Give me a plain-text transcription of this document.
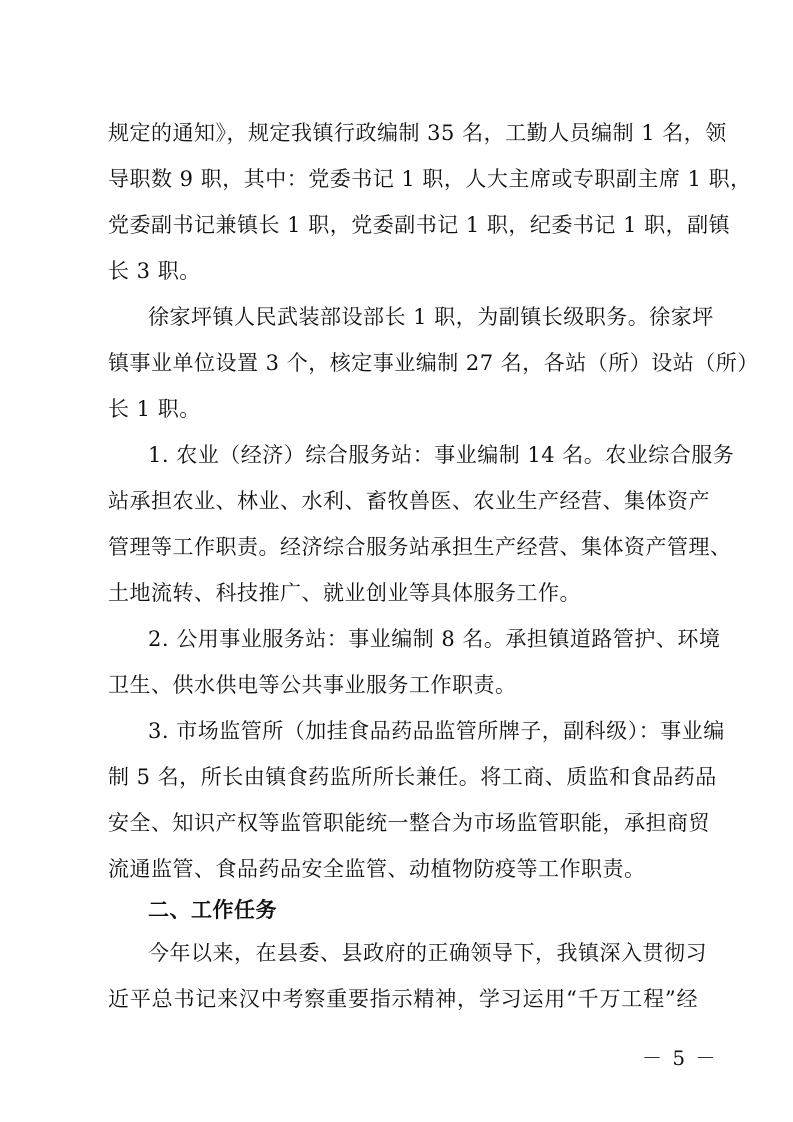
规定的通知》，规定我镇行政编制 35 名，工勤人员编制 1 名，领
导职数 9 职，其中：党委书记 1 职，人大主席或专职副主席 1 职，
党委副书记兼镇长 1 职，党委副书记 1 职，纪委书记 1 职，副镇
长 3 职。
徐家坪镇人民武装部设部长 1 职，为副镇长级职务。徐家坪
镇事业单位设置 3 个，核定事业编制 27 名，各站（所）设站（所）
长 1 职。
1. 农业（经济）综合服务站：事业编制 14 名。农业综合服务
站承担农业、林业、水利、畜牧兽医、农业生产经营、集体资产
管理等工作职责。经济综合服务站承担生产经营、集体资产管理、
土地流转、科技推广、就业创业等具体服务工作。
2. 公用事业服务站：事业编制 8 名。承担镇道路管护、环境
卫生、供水供电等公共事业服务工作职责。
3. 市场监管所（加挂食品药品监管所牌子，副科级）：事业编
制 5 名，所长由镇食药监所所长兼任。将工商、质监和食品药品
安全、知识产权等监管职能统一整合为市场监管职能，承担商贸
流通监管、食品药品安全监管、动植物防疫等工作职责。
二、工作任务
今年以来，在县委、县政府的正确领导下，我镇深入贯彻习
近平总书记来汉中考察重要指示精神，学习运用“千万工程”经
－ 5 －
